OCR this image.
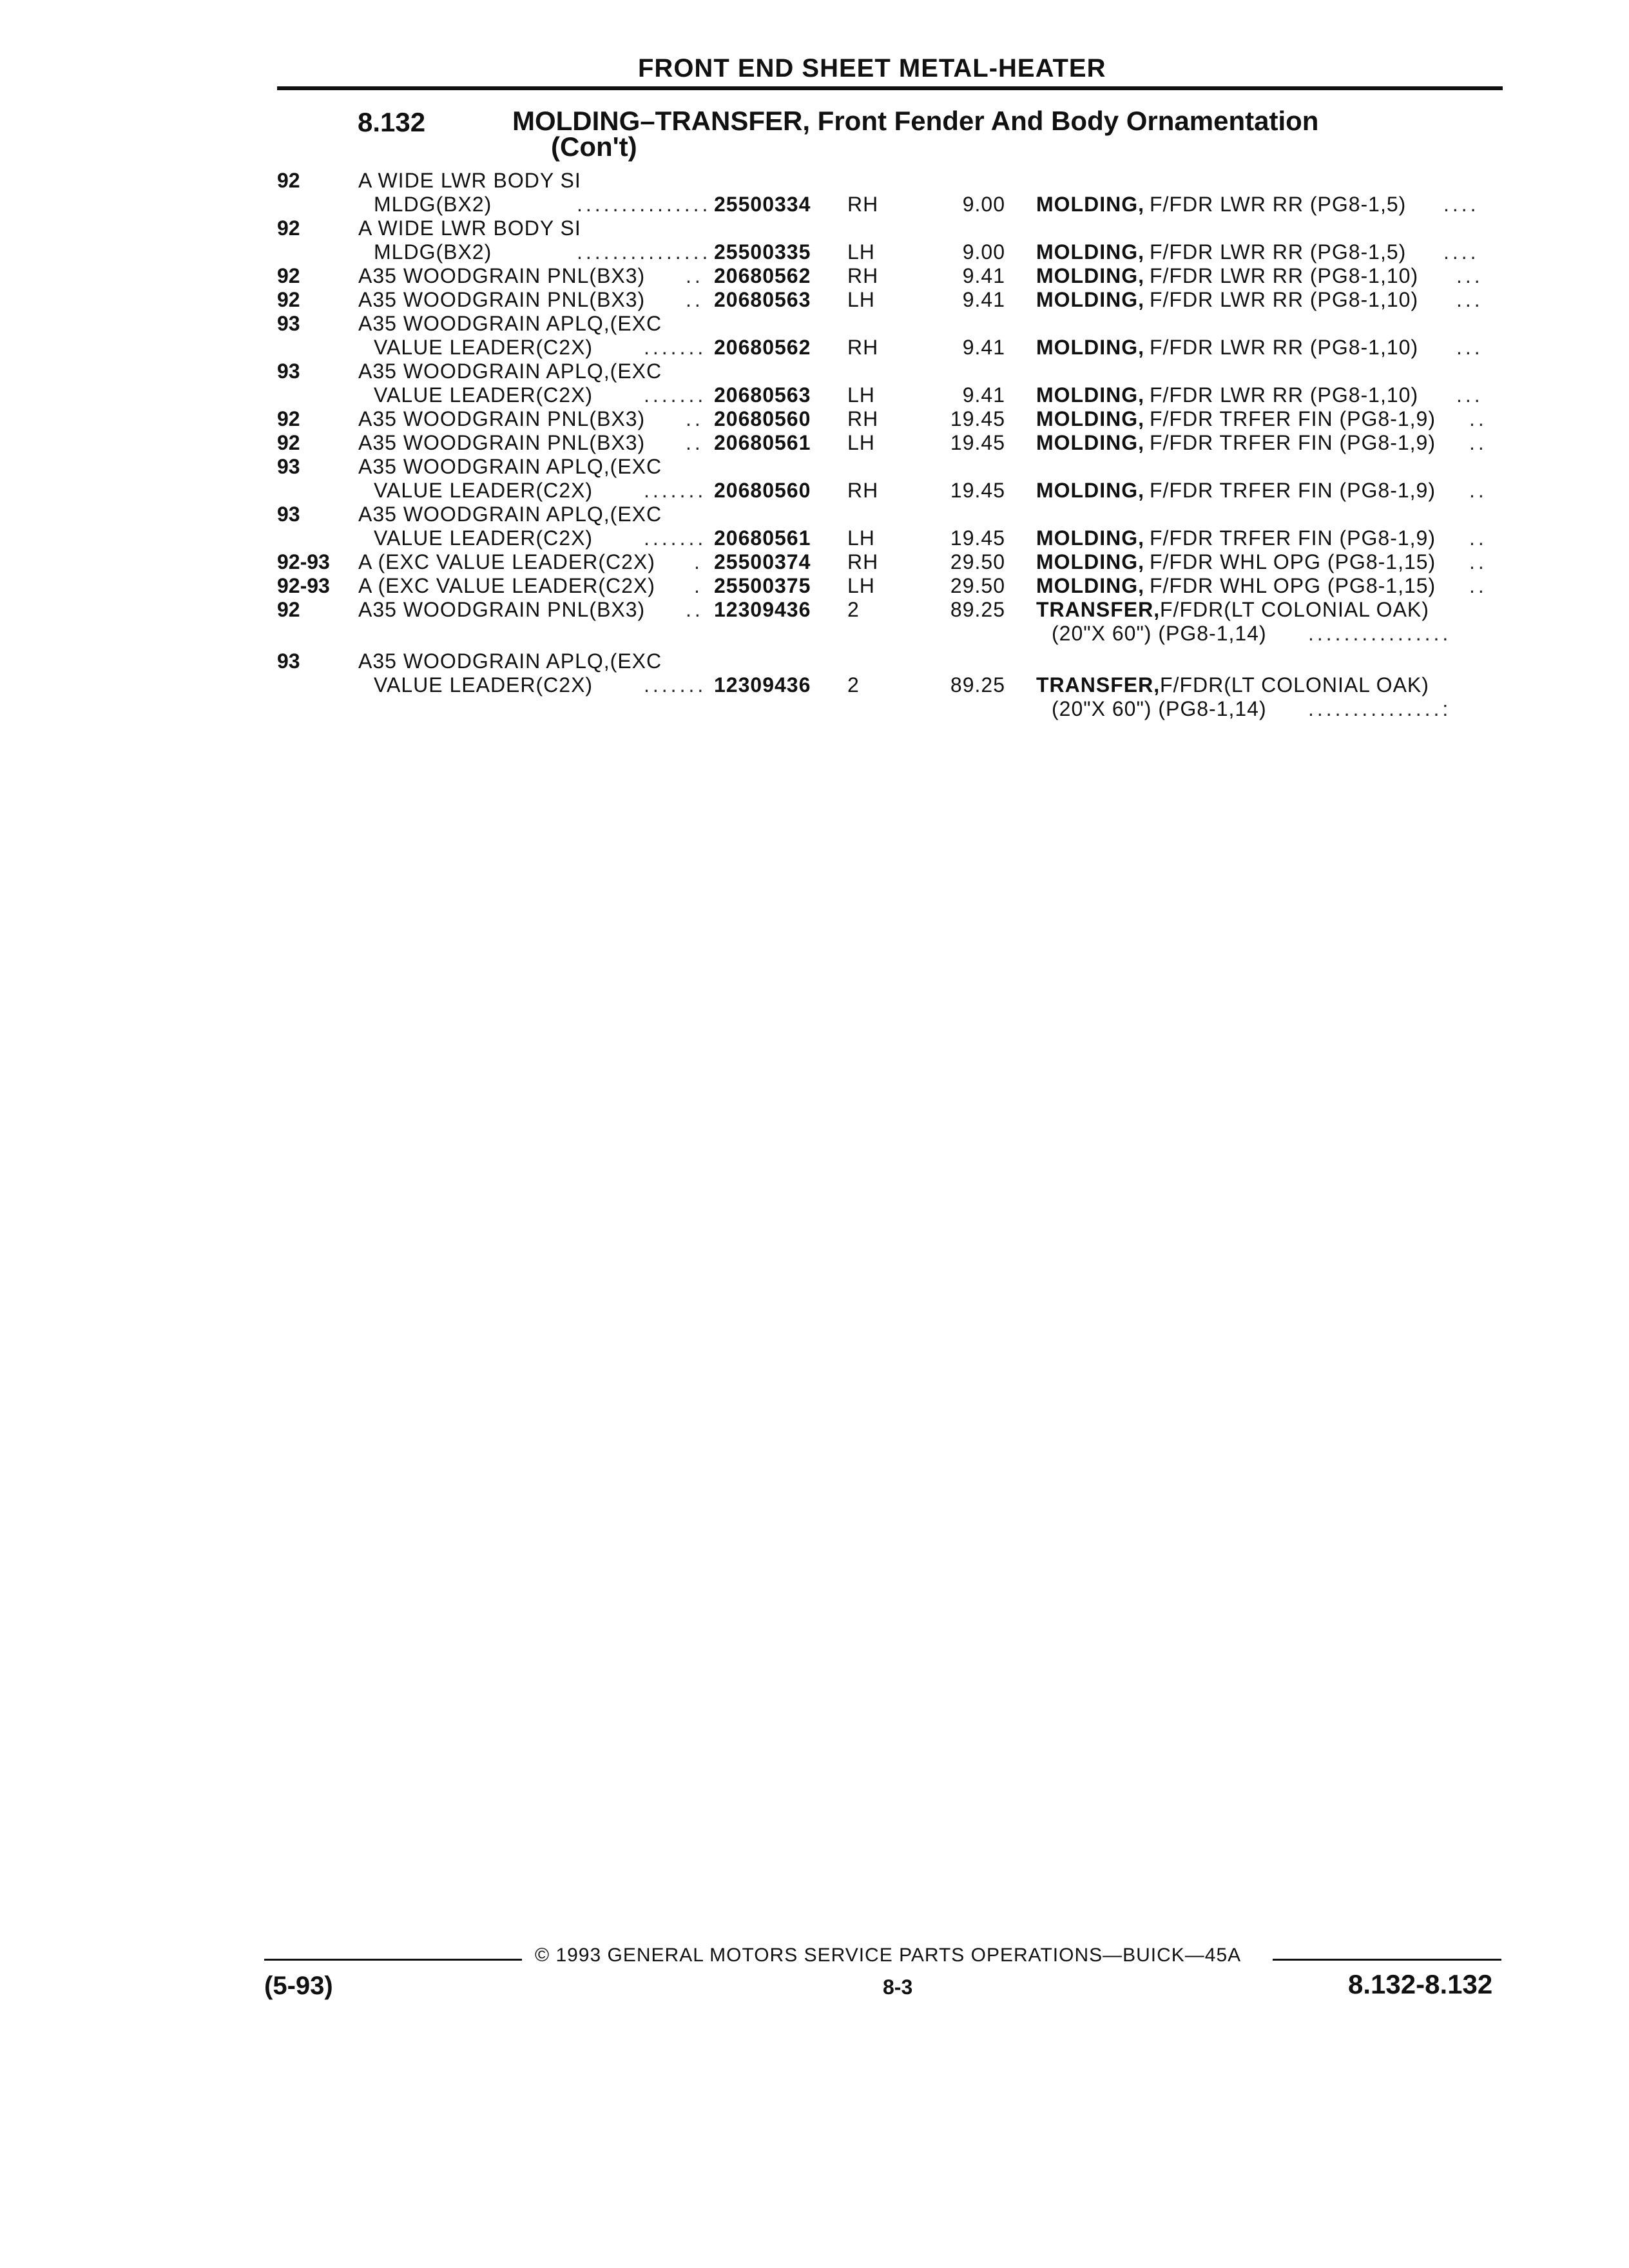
FRONT END SHEET METAL-HEATER
8.132	MOLDING–TRANSFER, Front Fender And Body Ornamentation
(Con't)
92	A WIDE LWR BODY SI
MLDG(BX2)	............... 25500334 RH	9.00 MOLDING, F/FDR LWR RR (PG8-1,5) ....
92	A WIDE LWR BODY SI
MLDG(BX2)	............... 25500335 LH	9.00 MOLDING, F/FDR LWR RR (PG8-1,5) ....
92	A35 WOODGRAIN PNL(BX3) .. 20680562 RH	9.41 MOLDING, F/FDR LWR RR (PG8-1,10) ...
92	A35 WOODGRAIN PNL(BX3) .. 20680563 LH	9.41 MOLDING, F/FDR LWR RR (PG8-1,10) ...
93	A35 WOODGRAIN APLQ,(EXC
VALUE LEADER(C2X) ....... 20680562 RH	9.41 MOLDING, F/FDR LWR RR (PG8-1,10) ...
93	A35 WOODGRAIN APLQ,(EXC
VALUE LEADER(C2X) ....... 20680563 LH	9.41 MOLDING, F/FDR LWR RR (PG8-1,10) ...
92	A35 WOODGRAIN PNL(BX3) .. 20680560 RH	19.45 MOLDING, F/FDR TRFER FIN (PG8-1,9) ..
92	A35 WOODGRAIN PNL(BX3) .. 20680561 LH	19.45 MOLDING, F/FDR TRFER FIN (PG8-1,9) ..
93	A35 WOODGRAIN APLQ,(EXC
VALUE LEADER(C2X) ....... 20680560 RH	19.45 MOLDING, F/FDR TRFER FIN (PG8-1,9) ..
93	A35 WOODGRAIN APLQ,(EXC
VALUE LEADER(C2X) ....... 20680561 LH	19.45 MOLDING, F/FDR TRFER FIN (PG8-1,9) ..
92-93 A (EXC VALUE LEADER(C2X) . 25500374 RH	29.50 MOLDING, F/FDR WHL OPG (PG8-1,15) ..
92-93 A (EXC VALUE LEADER(C2X) . 25500375 LH	29.50 MOLDING, F/FDR WHL OPG (PG8-1,15) ..
92	A35 WOODGRAIN PNL(BX3) .. 12309436 2	89.25 TRANSFER, F/FDR(LT COLONIAL OAK)
(20"X 60") (PG8-1,14) ................
93	A35 WOODGRAIN APLQ,(EXC
VALUE LEADER(C2X) ....... 12309436 2	89.25 TRANSFER, F/FDR(LT COLONIAL OAK)
(20"X 60") (PG8-1,14) ...............:
© 1993 GENERAL MOTORS SERVICE PARTS OPERATIONS—BUICK—45A
(5-93)	8-3	8.132-8.132
